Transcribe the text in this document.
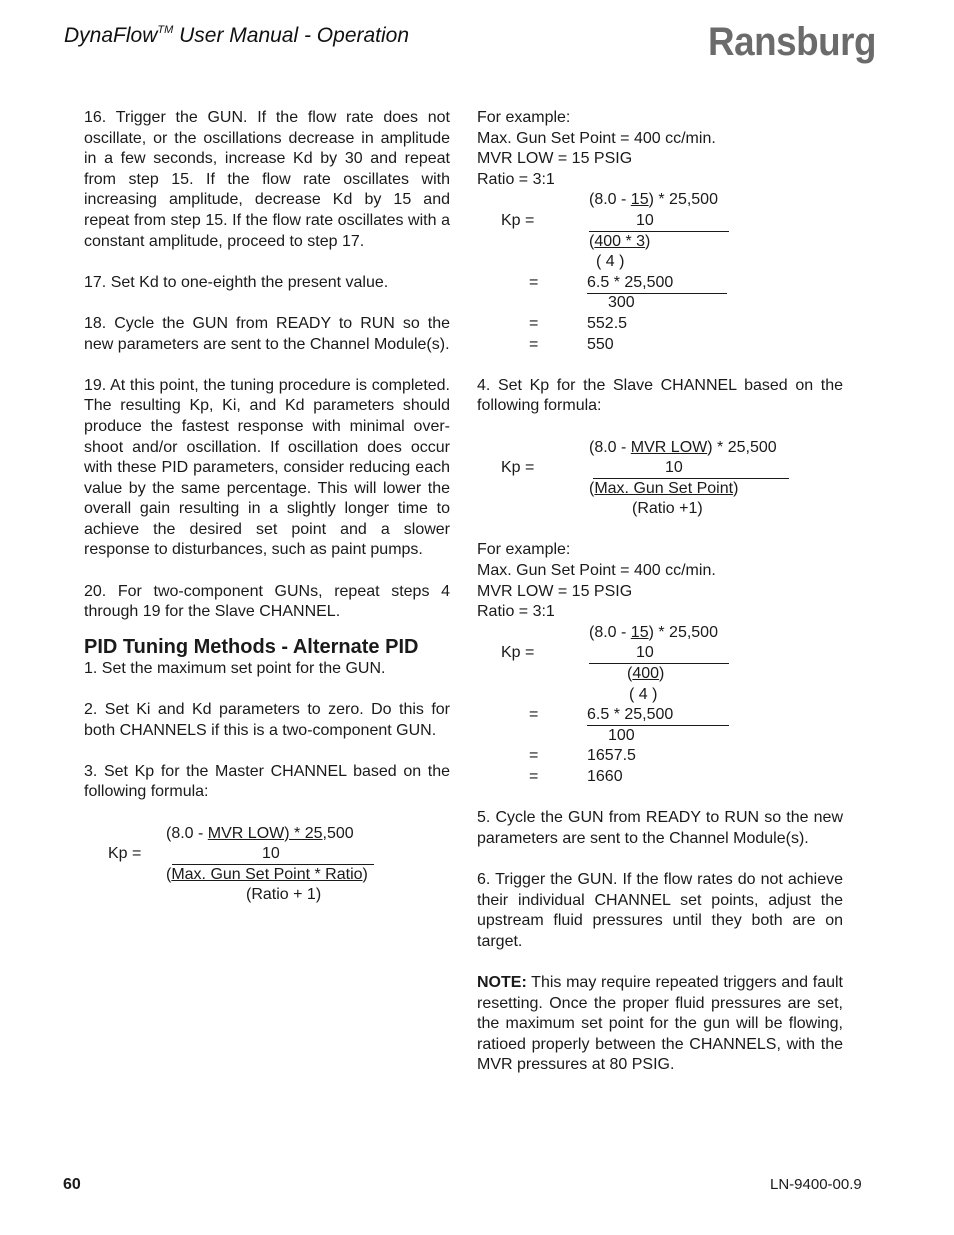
DynaFlow™ User Manual - Operation	Ransburg

16. Trigger the GUN. If the flow rate does not oscillate, or the oscillations decrease in amplitude in a few seconds, increase Kd by 30 and repeat from step 15. If the flow rate oscillates with increasing amplitude, decrease Kd by 15 and repeat from step 15. If the flow rate oscillates with a constant amplitude, proceed to step 17.

17. Set Kd to one-eighth the present value.

18. Cycle the GUN from READY to RUN so the new parameters are sent to the Channel Module(s).

19. At this point, the tuning procedure is completed. The resulting Kp, Ki, and Kd parameters should produce the fastest response with minimal over-shoot and/or oscillation. If oscillation does occur with these PID parameters, consider reducing each value by the same percentage. This will lower the overall gain resulting in a slightly longer time to achieve the desired set point and a slower response to disturbances, such as paint pumps.

20. For two-component GUNs, repeat steps 4 through 19 for the Slave CHANNEL.

PID Tuning Methods - Alternate PID

1. Set the maximum set point for the GUN.

2. Set Ki and Kd parameters to zero. Do this for both CHANNELS if this is a two-component GUN.

3. Set Kp for the Master CHANNEL based on the following formula:

(8.0 - MVR LOW) * 25,500
Kp =	10
(Max. Gun Set Point * Ratio)
(Ratio + 1)
For example:
Max. Gun Set Point = 400 cc/min.
MVR LOW = 15 PSIG
Ratio = 3:1
(8.0 - 15) * 25,500
Kp =	10
(400 * 3)
( 4 )
=	6.5 * 25,500
300
=	552.5
=	550

4. Set Kp for the Slave CHANNEL based on the following formula:

(8.0 - MVR LOW) * 25,500
Kp =	10
(Max. Gun Set Point)
(Ratio +1)
For example:
Max. Gun Set Point = 400 cc/min.
MVR LOW = 15 PSIG
Ratio = 3:1
(8.0 - 15) * 25,500
Kp =	10
(400)
( 4 )
=	6.5 * 25,500
100
=	1657.5
=	1660

5. Cycle the GUN from READY to RUN so the new parameters are sent to the Channel Module(s).

6. Trigger the GUN. If the flow rates do not achieve their individual CHANNEL set points, adjust the upstream fluid pressures until they both are on target.

NOTE: This may require repeated triggers and fault resetting. Once the proper fluid pressures are set, the maximum set point for the gun will be flowing, ratioed properly between the CHANNELS, with the MVR pressures at 80 PSIG.

60	LN-9400-00.9
